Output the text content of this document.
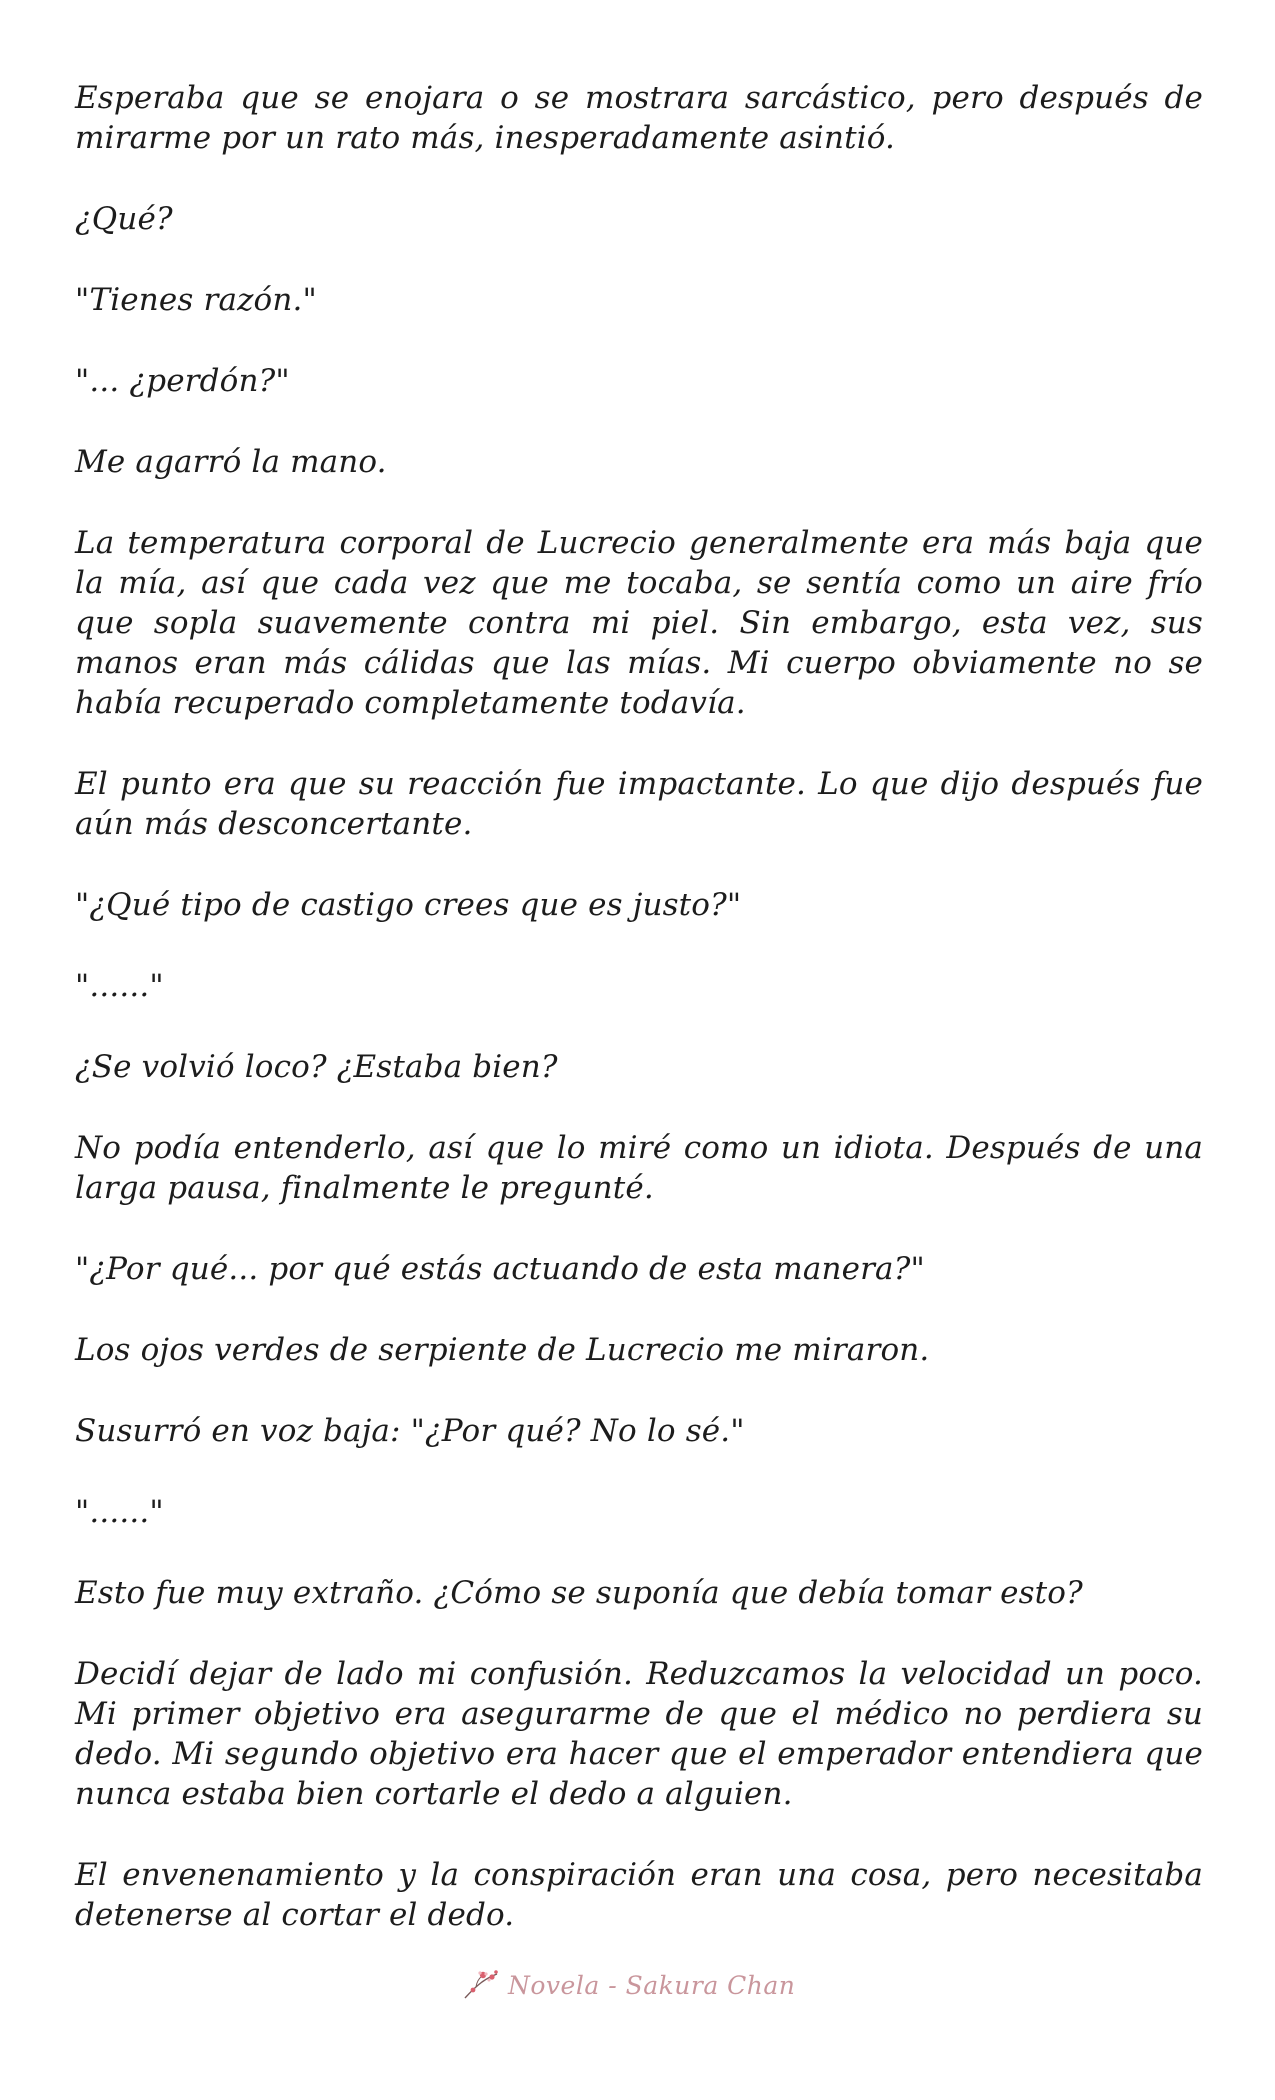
Esperaba que se enojara o se mostrara sarcástico, pero después de mirarme por un rato más, inesperadamente asintió.

¿Qué?

"Tienes razón."

"... ¿perdón?"

Me agarró la mano.

La temperatura corporal de Lucrecio generalmente era más baja que la mía, así que cada vez que me tocaba, se sentía como un aire frío que sopla suavemente contra mi piel. Sin embargo, esta vez, sus manos eran más cálidas que las mías. Mi cuerpo obviamente no se había recuperado completamente todavía.

El punto era que su reacción fue impactante. Lo que dijo después fue aún más desconcertante.

"¿Qué tipo de castigo crees que es justo?"

"......"

¿Se volvió loco? ¿Estaba bien?

No podía entenderlo, así que lo miré como un idiota. Después de una larga pausa, finalmente le pregunté.

"¿Por qué... por qué estás actuando de esta manera?"

Los ojos verdes de serpiente de Lucrecio me miraron.

Susurró en voz baja: "¿Por qué? No lo sé."

"......"

Esto fue muy extraño. ¿Cómo se suponía que debía tomar esto?

Decidí dejar de lado mi confusión. Reduzcamos la velocidad un poco. Mi primer objetivo era asegurarme de que el médico no perdiera su dedo. Mi segundo objetivo era hacer que el emperador entendiera que nunca estaba bien cortarle el dedo a alguien.

El envenenamiento y la conspiración eran una cosa, pero necesitaba detenerse al cortar el dedo.

Novela - Sakura Chan
